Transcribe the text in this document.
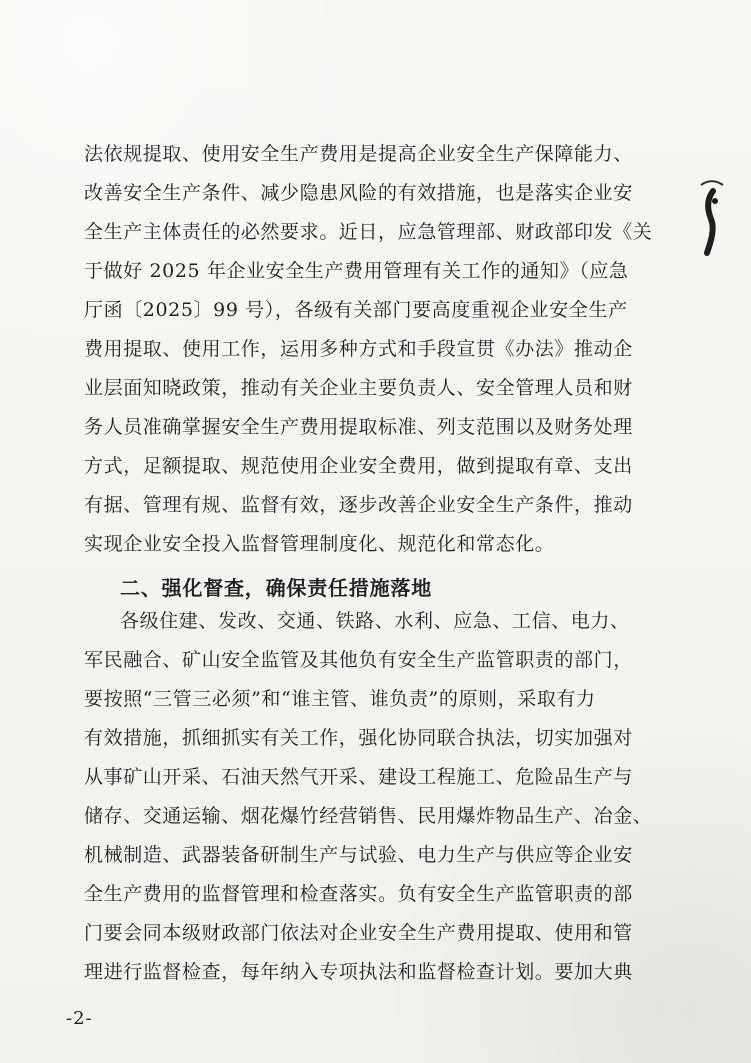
法依规提取、使用安全生产费用是提高企业安全生产保障能力、
改善安全生产条件、减少隐患风险的有效措施，也是落实企业安
全生产主体责任的必然要求。近日，应急管理部、财政部印发《关
于做好 2025 年企业安全生产费用管理有关工作的通知》（应急
厅函〔2025〕99 号），各级有关部门要高度重视企业安全生产
费用提取、使用工作，运用多种方式和手段宣贯《办法》推动企
业层面知晓政策，推动有关企业主要负责人、安全管理人员和财
务人员准确掌握安全生产费用提取标准、列支范围以及财务处理
方式，足额提取、规范使用企业安全费用，做到提取有章、支出
有据、管理有规、监督有效，逐步改善企业安全生产条件，推动
实现企业安全投入监督管理制度化、规范化和常态化。
二、强化督查，确保责任措施落地
各级住建、发改、交通、铁路、水利、应急、工信、电力、
军民融合、矿山安全监管及其他负有安全生产监管职责的部门，
要按照“三管三必须”和“谁主管、谁负责”的原则，采取有力
有效措施，抓细抓实有关工作，强化协同联合执法，切实加强对
从事矿山开采、石油天然气开采、建设工程施工、危险品生产与
储存、交通运输、烟花爆竹经营销售、民用爆炸物品生产、冶金、
机械制造、武器装备研制生产与试验、电力生产与供应等企业安
全生产费用的监督管理和检查落实。负有安全生产监管职责的部
门要会同本级财政部门依法对企业安全生产费用提取、使用和管
理进行监督检查，每年纳入专项执法和监督检查计划。要加大典
-2-
